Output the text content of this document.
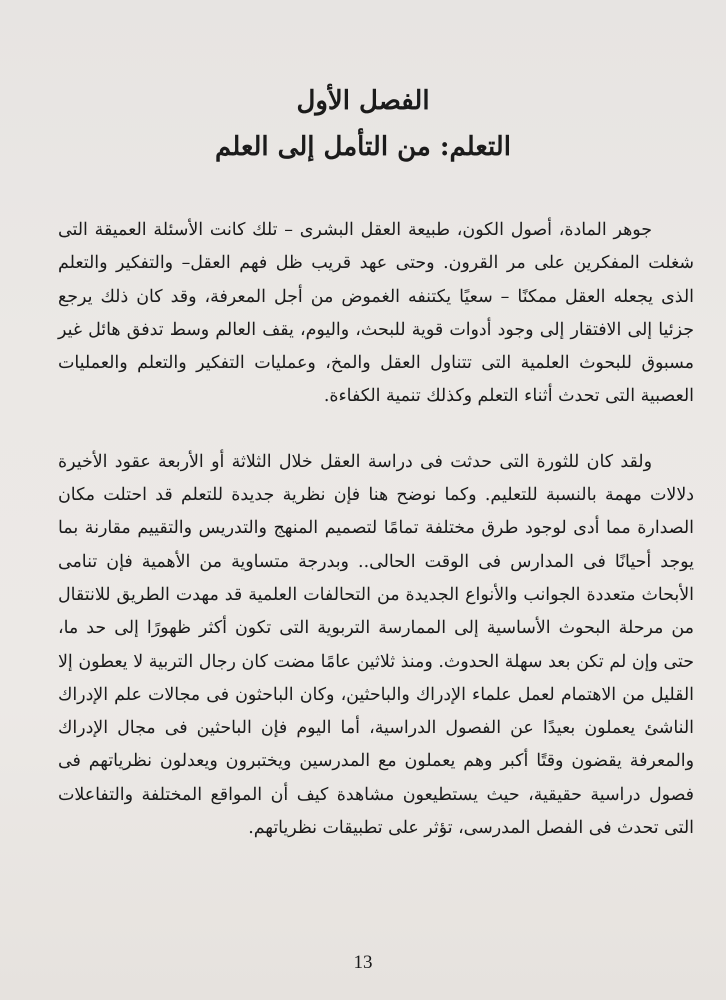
الفصل الأول
التعلم: من التأمل إلى العلم

جوهر المادة، أصول الكون، طبيعة العقل البشرى – تلك كانت الأسئلة العميقة التى شغلت المفكرين على مر القرون. وحتى عهد قريب ظل فهم العقل– والتفكير والتعلم الذى يجعله العقل ممكنًا – سعيًا يكتنفه الغموض من أجل المعرفة، وقد كان ذلك يرجع جزئيا إلى الافتقار إلى وجود أدوات قوية للبحث، واليوم، يقف العالم وسط تدفق هائل غير مسبوق للبحوث العلمية التى تتناول العقل والمخ، وعمليات التفكير والتعلم والعمليات العصبية التى تحدث أثناء التعلم وكذلك تنمية الكفاءة.

ولقد كان للثورة التى حدثت فى دراسة العقل خلال الثلاثة أو الأربعة عقود الأخيرة دلالات مهمة بالنسبة للتعليم. وكما نوضح هنا فإن نظرية جديدة للتعلم قد احتلت مكان الصدارة مما أدى لوجود طرق مختلفة تمامًا لتصميم المنهج والتدريس والتقييم مقارنة بما يوجد أحيانًا فى المدارس فى الوقت الحالى.. وبدرجة متساوية من الأهمية فإن تنامى الأبحاث متعددة الجوانب والأنواع الجديدة من التحالفات العلمية قد مهدت الطريق للانتقال من مرحلة البحوث الأساسية إلى الممارسة التربوية التى تكون أكثر ظهورًا إلى حد ما، حتى وإن لم تكن بعد سهلة الحدوث. ومنذ ثلاثين عامًا مضت كان رجال التربية لا يعطون إلا القليل من الاهتمام لعمل علماء الإدراك والباحثين، وكان الباحثون فى مجالات علم الإدراك الناشئ يعملون بعيدًا عن الفصول الدراسية، أما اليوم فإن الباحثين فى مجال الإدراك والمعرفة يقضون وقتًا أكبر وهم يعملون مع المدرسين ويختبرون ويعدلون نظرياتهم فى فصول دراسية حقيقية، حيث يستطيعون مشاهدة كيف أن المواقع المختلفة والتفاعلات التى تحدث فى الفصل المدرسى، تؤثر على تطبيقات نظرياتهم.

13
